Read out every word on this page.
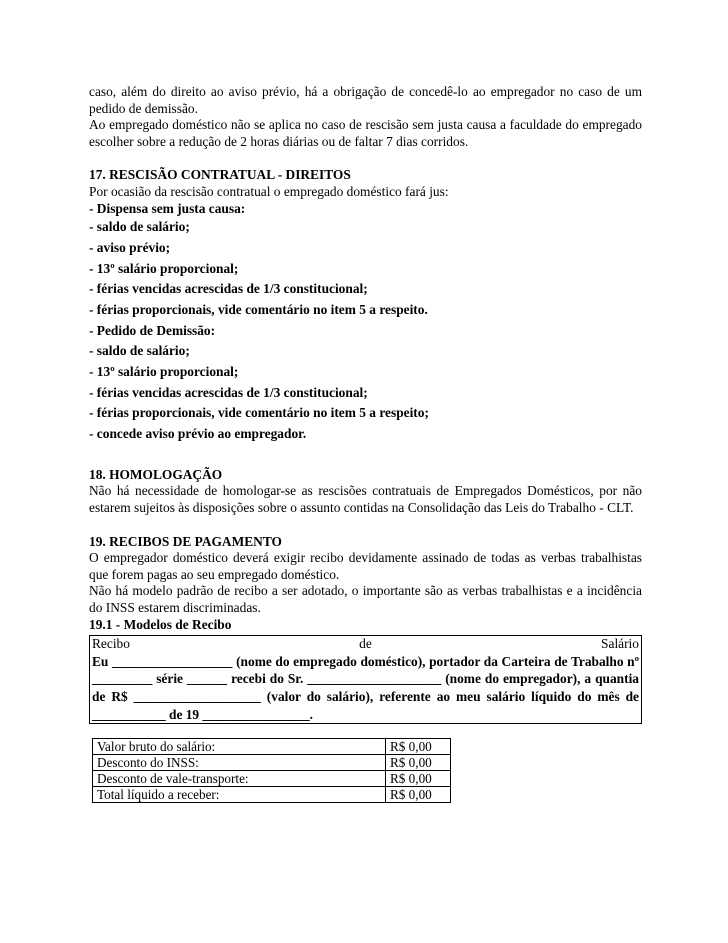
caso, além do direito ao aviso prévio, há a obrigação de concedê-lo ao empregador no caso de um pedido de demissão.

Ao empregado doméstico não se aplica no caso de rescisão sem justa causa a faculdade do empregado escolher sobre a redução de 2 horas diárias ou de faltar 7 dias corridos.

17. RESCISÃO CONTRATUAL - DIREITOS

Por ocasião da rescisão contratual o empregado doméstico fará jus:

- Dispensa sem justa causa:

- saldo de salário;

- aviso prévio;

- 13º salário proporcional;

- férias vencidas acrescidas de 1/3 constitucional;

- férias proporcionais, vide comentário no item 5 a respeito.

- Pedido de Demissão:

- saldo de salário;

- 13º salário proporcional;

- férias vencidas acrescidas de 1/3 constitucional;

- férias proporcionais, vide comentário no item 5 a respeito;

- concede aviso prévio ao empregador.

18. HOMOLOGAÇÃO

Não há necessidade de homologar-se as rescisões contratuais de Empregados Domésticos, por não estarem sujeitos às disposições sobre o assunto contidas na Consolidação das Leis do Trabalho - CLT.

19. RECIBOS DE PAGAMENTO

O empregador doméstico deverá exigir recibo devidamente assinado de todas as verbas trabalhistas que forem pagas ao seu empregado doméstico.

Não há modelo padrão de recibo a ser adotado, o importante são as verbas trabalhistas e a incidência do INSS estarem discriminadas.

19.1 - Modelos de Recibo

Recibo	de	Salário

Eu __________________ (nome do empregado doméstico), portador da Carteira de Trabalho nº _________ série ______ recebi do Sr. ____________________ (nome do empregador), a quantia de R$ ___________________ (valor do salário), referente ao meu salário líquido do mês de ___________ de 19 ________________.

Valor bruto do salário:	R$ 0,00
Desconto do INSS:	R$ 0,00
Desconto de vale-transporte:	R$ 0,00
Total líquido a receber:	R$ 0,00
